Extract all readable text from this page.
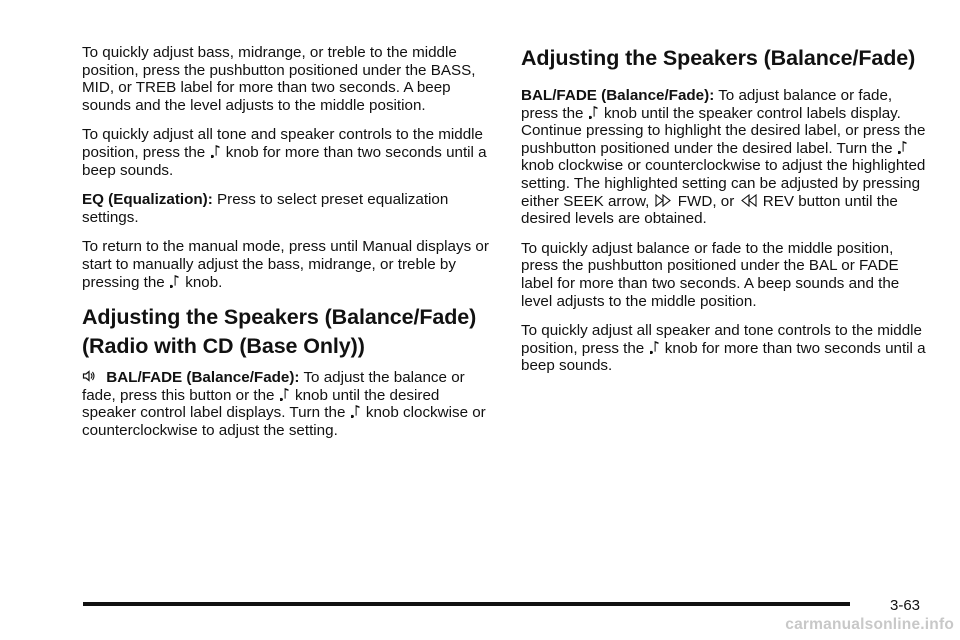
To quickly adjust bass, midrange, or treble to the middle position, press the pushbutton positioned under the BASS, MID, or TREB label for more than two seconds. A beep sounds and the level adjusts to the middle position.

To quickly adjust all tone and speaker controls to the middle position, press the knob for more than two seconds until a beep sounds.

EQ (Equalization): Press to select preset equalization settings.

To return to the manual mode, press until Manual displays or start to manually adjust the bass, midrange, or treble by pressing the knob.

Adjusting the Speakers (Balance/Fade) (Radio with CD (Base Only))

BAL/FADE (Balance/Fade): To adjust the balance or fade, press this button or the knob until the desired speaker control label displays. Turn the knob clockwise or counterclockwise to adjust the setting.

Adjusting the Speakers (Balance/Fade)

BAL/FADE (Balance/Fade): To adjust balance or fade, press the knob until the speaker control labels display. Continue pressing to highlight the desired label, or press the pushbutton positioned under the desired label. Turn the
knob clockwise or counterclockwise to adjust the highlighted setting. The highlighted setting can be adjusted by pressing either SEEK arrow, FWD, or REV button until the desired levels are obtained.

To quickly adjust balance or fade to the middle position, press the pushbutton positioned under the BAL or FADE label for more than two seconds. A beep sounds and the level adjusts to the middle position.

To quickly adjust all speaker and tone controls to the middle position, press the knob for more than two seconds until a beep sounds.

3-63
carmanualsonline.info
